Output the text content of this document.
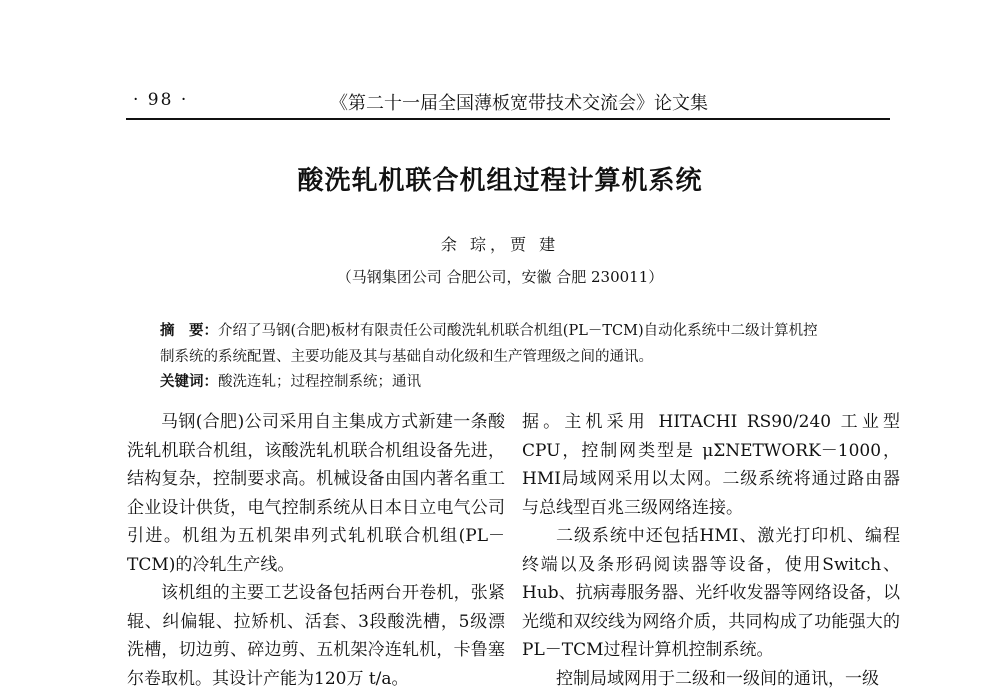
· 98 ·	《第二十一届全国薄板宽带技术交流会》论文集
酸洗轧机联合机组过程计算机系统
余 琮，贾 建
（马钢集团公司 合肥公司，安徽 合肥 230011）
摘　要：介绍了马钢(合肥)板材有限责任公司酸洗轧机联合机组(PL－TCM)自动化系统中二级计算机控
制系统的系统配置、主要功能及其与基础自动化级和生产管理级之间的通讯。
关键词：酸洗连轧；过程控制系统；通讯

马钢(合肥)公司采用自主集成方式新建一条酸洗轧机联合机组，该酸洗轧机联合机组设备先进，结构复杂，控制要求高。机械设备由国内著名重工企业设计供货，电气控制系统从日本日立电气公司引进。机组为五机架串列式轧机联合机组(PL－TCM)的冷轧生产线。

该机组的主要工艺设备包括两台开卷机，张紧辊、纠偏辊、拉矫机、活套、3段酸洗槽，5级漂洗槽，切边剪、碎边剪、五机架冷连轧机，卡鲁塞尔卷取机。其设计产能为120万 t/a。

据。主机采用 HITACHI RS90/240 工业型 CPU，控制网类型是 μΣNETWORK－1000，HMI局域网采用以太网。二级系统将通过路由器与总线型百兆三级网络连接。

二级系统中还包括HMI、激光打印机、编程终端以及条形码阅读器等设备，使用Switch、Hub、抗病毒服务器、光纤收发器等网络设备，以光缆和双绞线为网络介质，共同构成了功能强大的PL－TCM过程计算机控制系统。

控制局域网用于二级和一级间的通讯，一级
